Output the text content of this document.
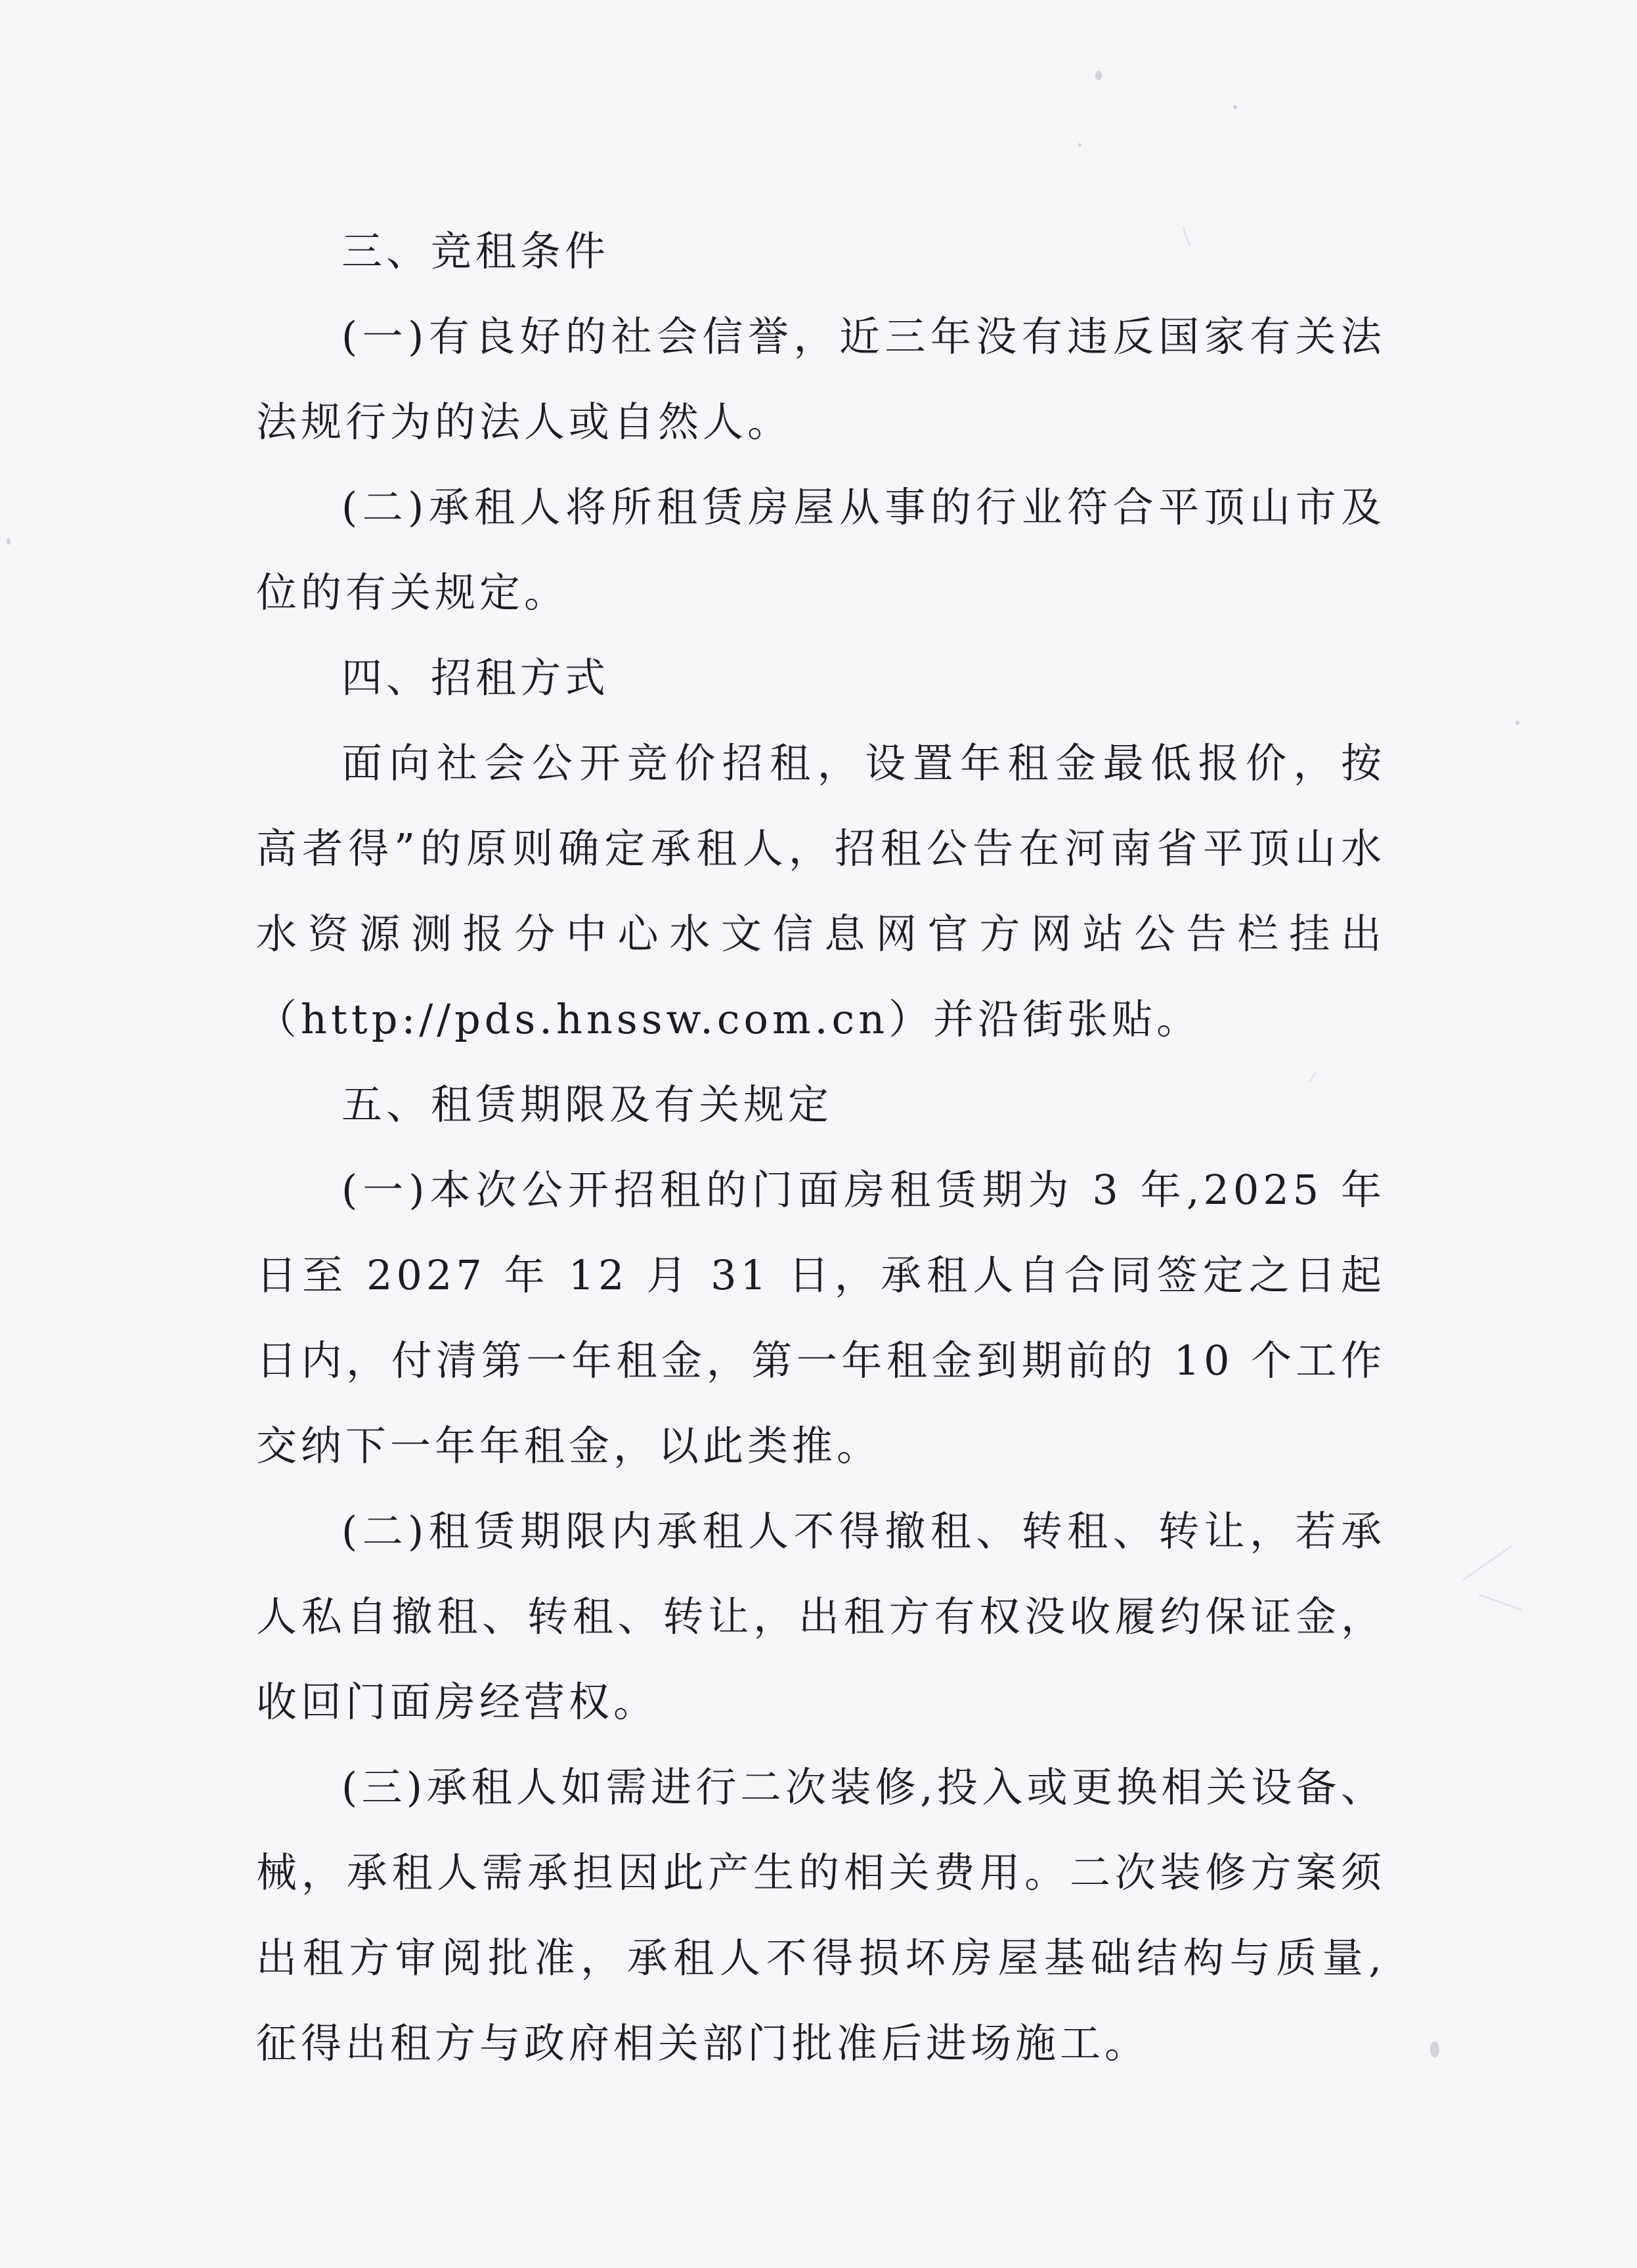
三、竞租条件
(一)有良好的社会信誉，近三年没有违反国家有关法
法规行为的法人或自然人。
(二)承租人将所租赁房屋从事的行业符合平顶山市及
位的有关规定。
四、招租方式
面向社会公开竞价招租，设置年租金最低报价，按
高者得”的原则确定承租人，招租公告在河南省平顶山水
水资源测报分中心水文信息网官方网站公告栏挂出
（http://pds.hnssw.com.cn）并沿街张贴。
五、租赁期限及有关规定
(一)本次公开招租的门面房租赁期为 3 年,2025 年
日至 2027 年 12 月 31 日，承租人自合同签定之日起
日内，付清第一年租金，第一年租金到期前的 10 个工作
交纳下一年年租金，以此类推。
(二)租赁期限内承租人不得撤租、转租、转让，若承
人私自撤租、转租、转让，出租方有权没收履约保证金，
收回门面房经营权。
(三)承租人如需进行二次装修,投入或更换相关设备、
械，承租人需承担因此产生的相关费用。二次装修方案须
出租方审阅批准，承租人不得损坏房屋基础结构与质量,
征得出租方与政府相关部门批准后进场施工。
